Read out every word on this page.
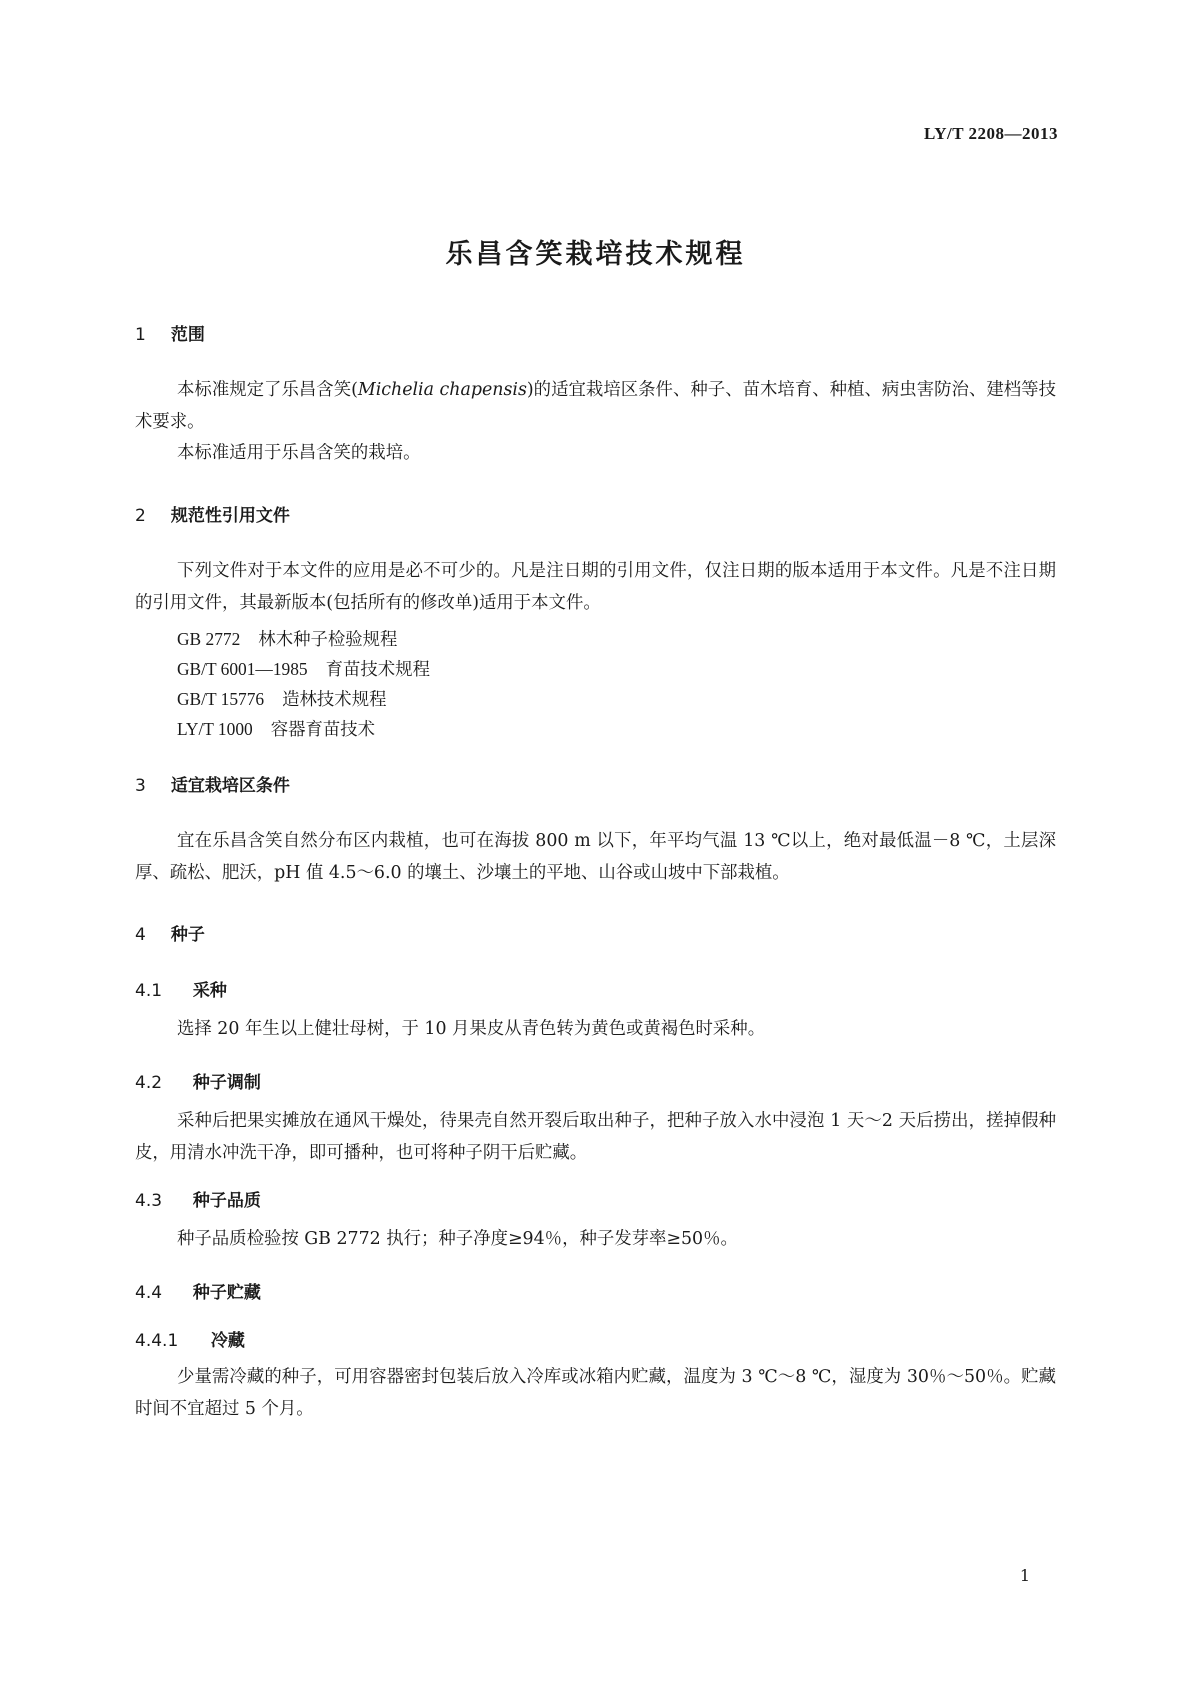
LY/T 2208—2013
乐昌含笑栽培技术规程
1 范围

本标准规定了乐昌含笑(Michelia chapensis)的适宜栽培区条件、种子、苗木培育、种植、病虫害防治、建档等技术要求。

本标准适用于乐昌含笑的栽培。

2 规范性引用文件

下列文件对于本文件的应用是必不可少的。凡是注日期的引用文件，仅注日期的版本适用于本文件。凡是不注日期的引用文件，其最新版本(包括所有的修改单)适用于本文件。

GB 2772 林木种子检验规程
GB/T 6001—1985 育苗技术规程
GB/T 15776 造林技术规程
LY/T 1000 容器育苗技术
3 适宜栽培区条件

宜在乐昌含笑自然分布区内栽植，也可在海拔 800 m 以下，年平均气温 13 ℃以上，绝对最低温－8 ℃，土层深厚、疏松、肥沃，pH 值 4.5～6.0 的壤土、沙壤土的平地、山谷或山坡中下部栽植。

4 种子
4.1 采种

选择 20 年生以上健壮母树，于 10 月果皮从青色转为黄色或黄褐色时采种。

4.2 种子调制

采种后把果实摊放在通风干燥处，待果壳自然开裂后取出种子，把种子放入水中浸泡 1 天～2 天后捞出，搓掉假种皮，用清水冲洗干净，即可播种，也可将种子阴干后贮藏。

4.3 种子品质

种子品质检验按 GB 2772 执行；种子净度≥94％，种子发芽率≥50％。

4.4 种子贮藏
4.4.1 冷藏

少量需冷藏的种子，可用容器密封包装后放入冷库或冰箱内贮藏，温度为 3 ℃～8 ℃，湿度为 30％～50％。贮藏时间不宜超过 5 个月。

1
